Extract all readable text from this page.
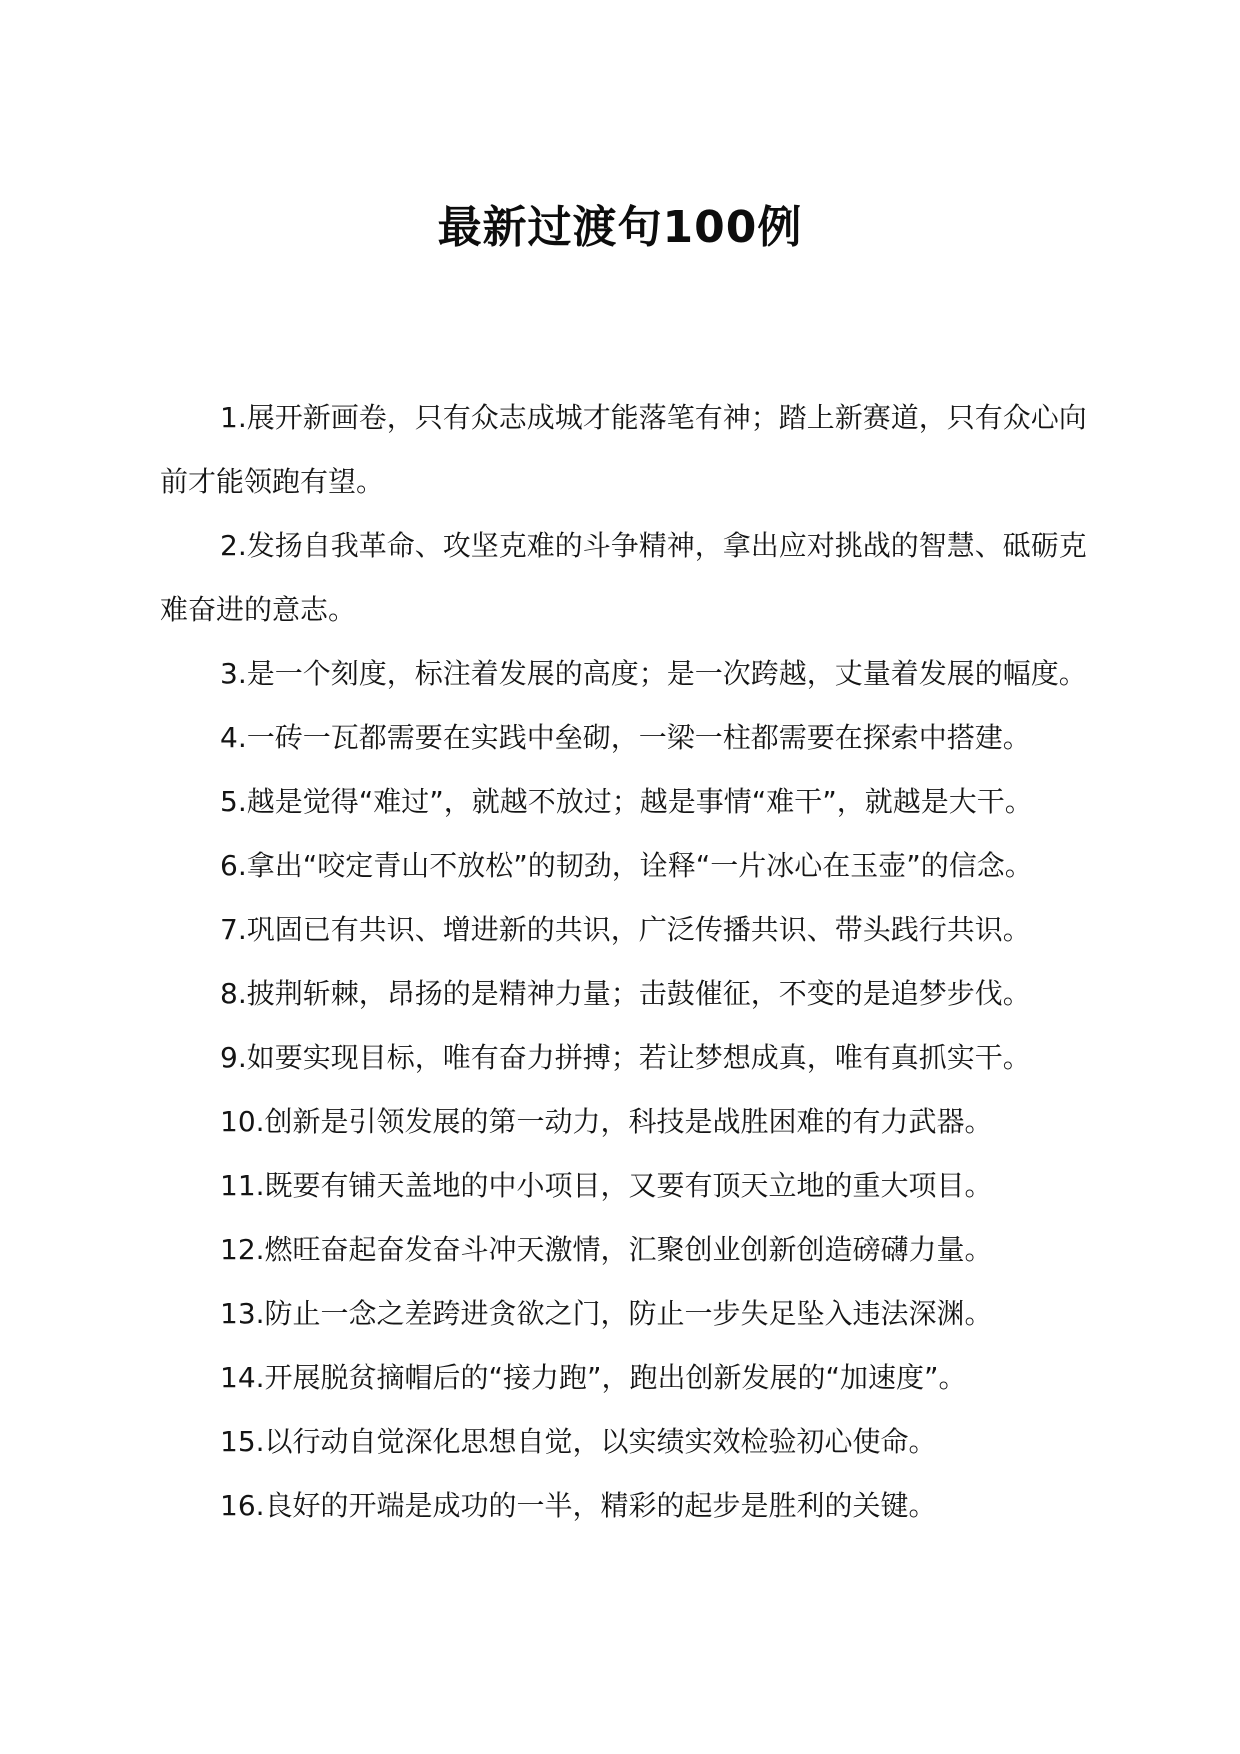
最新过渡句100例

1.展开新画卷，只有众志成城才能落笔有神；踏上新赛道，只有众心向前才能领跑有望。

2.发扬自我革命、攻坚克难的斗争精神，拿出应对挑战的智慧、砥砺克难奋进的意志。

3.是一个刻度，标注着发展的高度；是一次跨越，丈量着发展的幅度。

4.一砖一瓦都需要在实践中垒砌，一梁一柱都需要在探索中搭建。

5.越是觉得“难过”，就越不放过；越是事情“难干”，就越是大干。

6.拿出“咬定青山不放松”的韧劲，诠释“一片冰心在玉壶”的信念。

7.巩固已有共识、增进新的共识，广泛传播共识、带头践行共识。

8.披荆斩棘，昂扬的是精神力量；击鼓催征，不变的是追梦步伐。

9.如要实现目标，唯有奋力拼搏；若让梦想成真，唯有真抓实干。

10.创新是引领发展的第一动力，科技是战胜困难的有力武器。

11.既要有铺天盖地的中小项目，又要有顶天立地的重大项目。

12.燃旺奋起奋发奋斗冲天激情，汇聚创业创新创造磅礴力量。

13.防止一念之差跨进贪欲之门，防止一步失足坠入违法深渊。

14.开展脱贫摘帽后的“接力跑”，跑出创新发展的“加速度”。

15.以行动自觉深化思想自觉，以实绩实效检验初心使命。

16.良好的开端是成功的一半，精彩的起步是胜利的关键。
